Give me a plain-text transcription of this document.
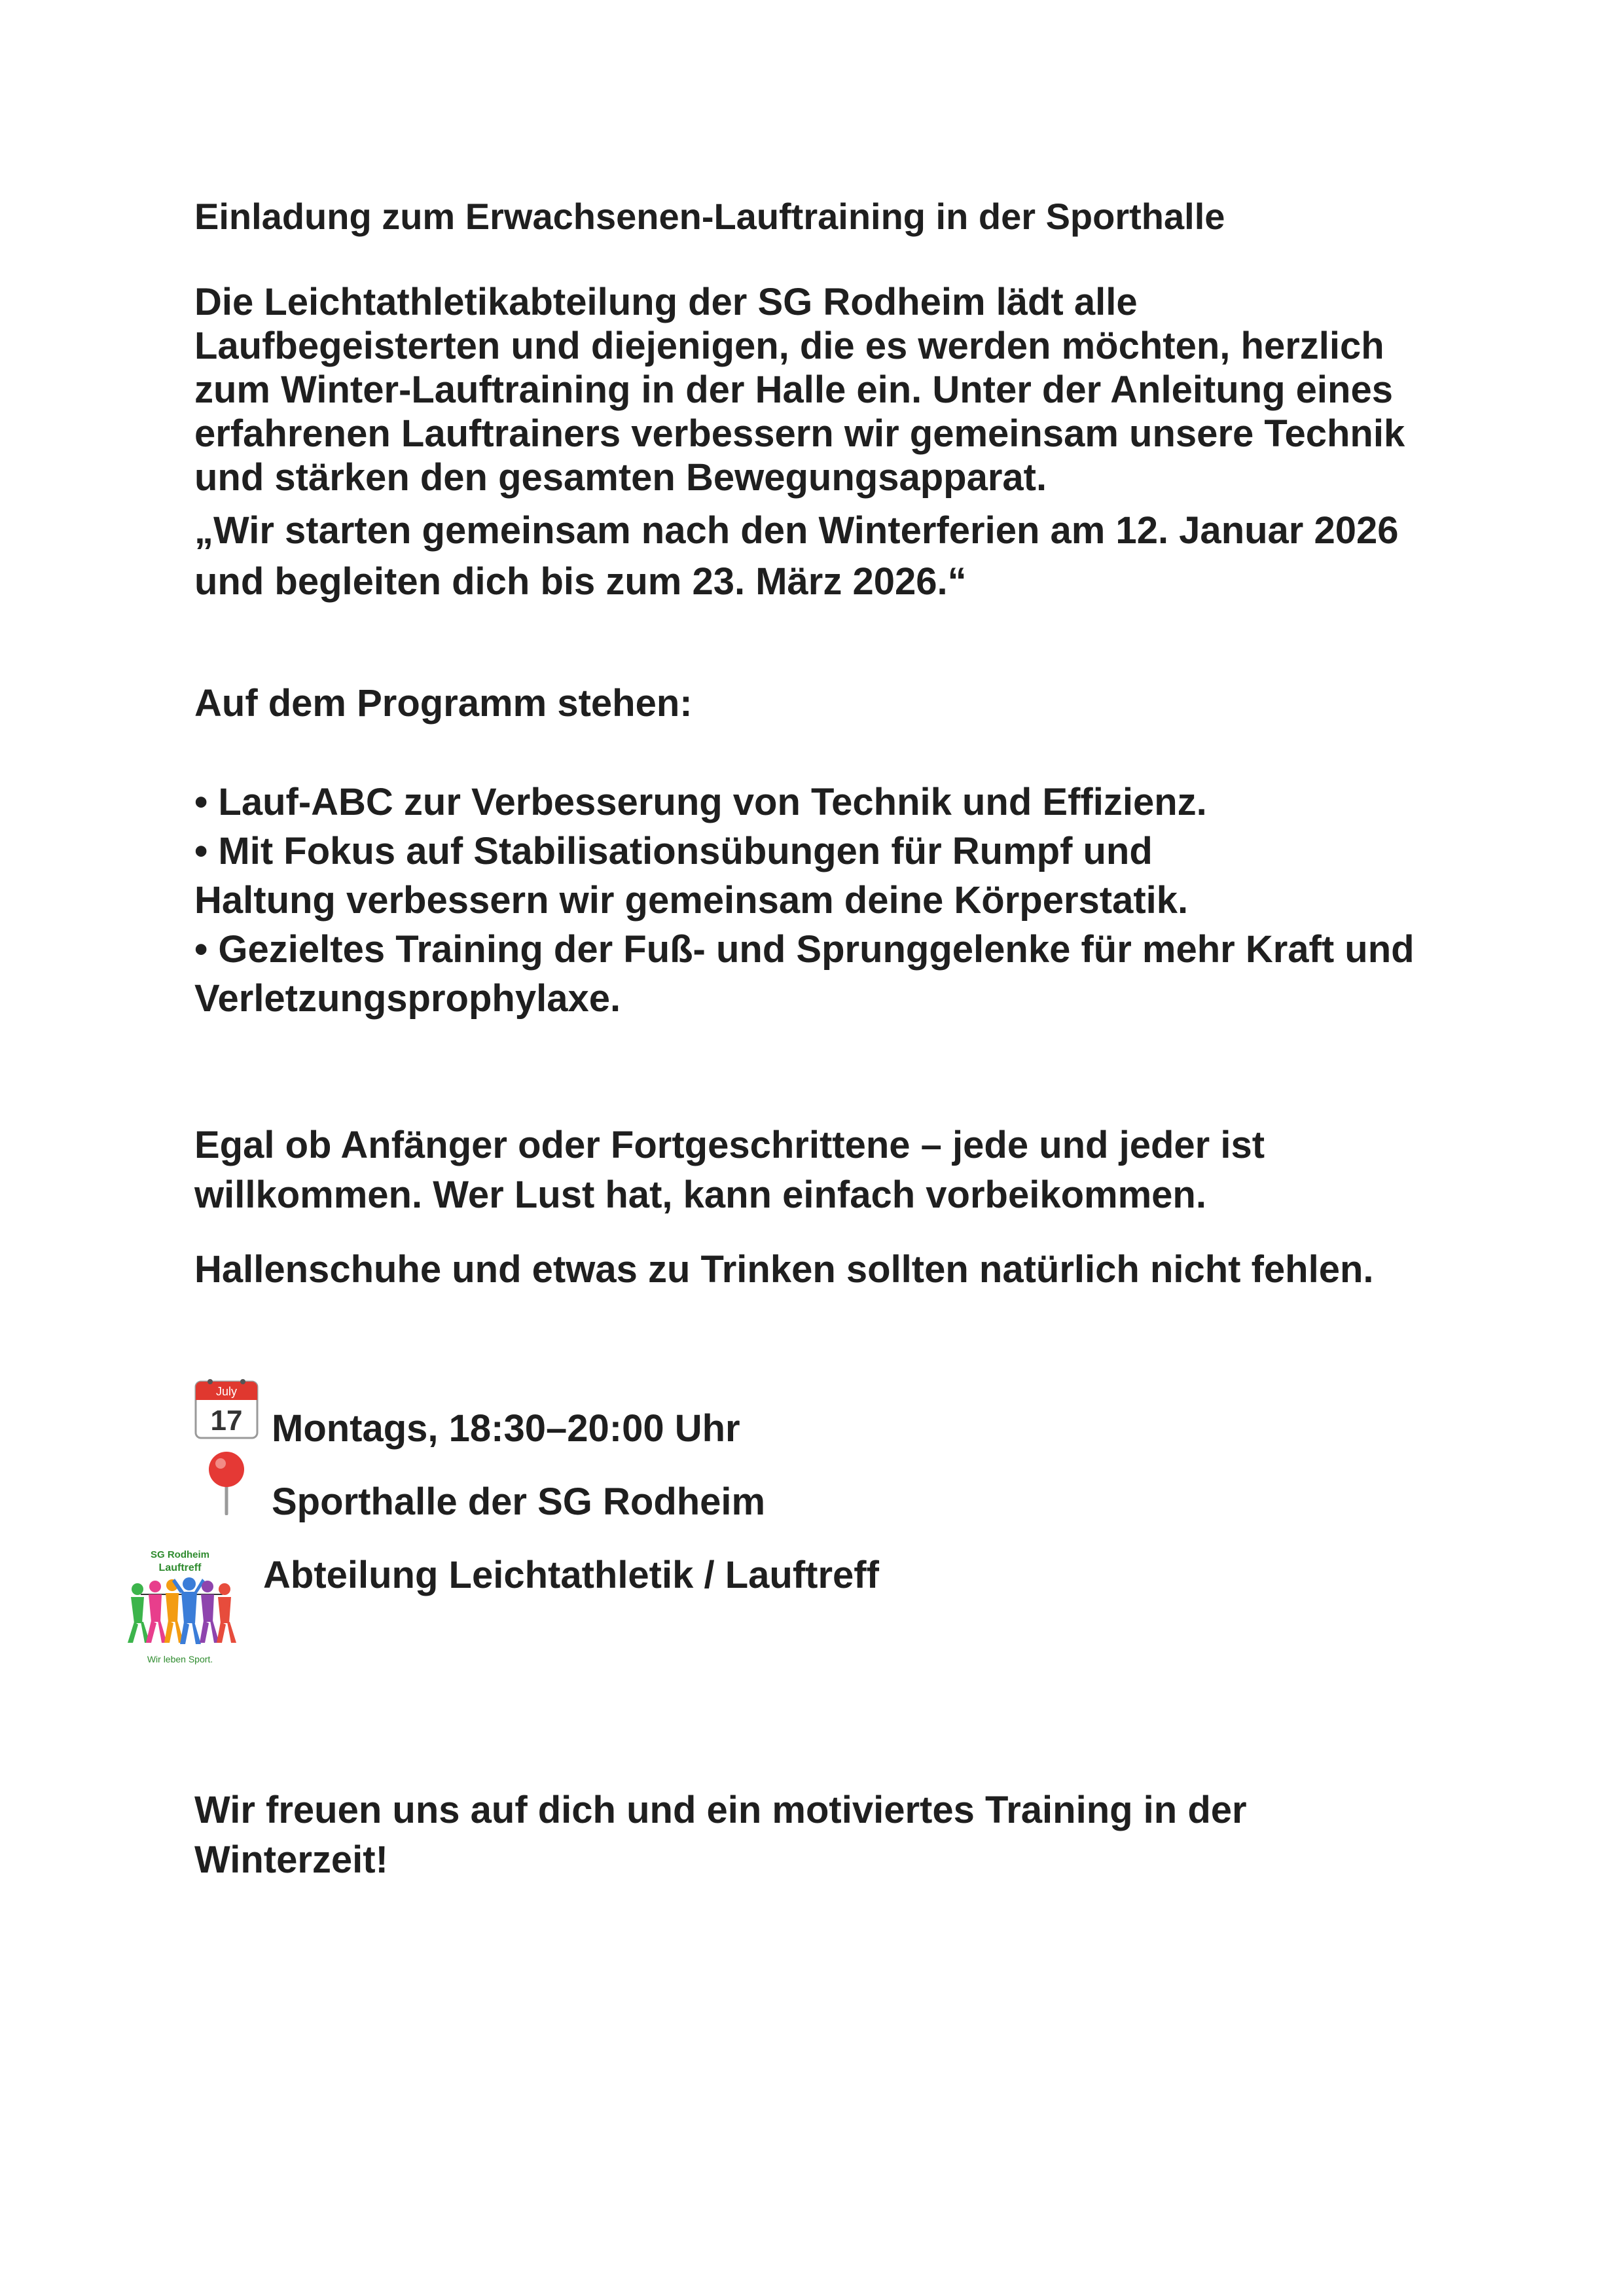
Einladung zum Erwachsenen-Lauftraining in der Sporthalle
Die Leichtathletikabteilung der SG Rodheim lädt alle
Laufbegeisterten und diejenigen, die es werden möchten, herzlich
zum Winter-Lauftraining in der Halle ein. Unter der Anleitung eines
erfahrenen Lauftrainers verbessern wir gemeinsam unsere Technik
und stärken den gesamten Bewegungsapparat.
„Wir starten gemeinsam nach den Winterferien am 12. Januar 2026
und begleiten dich bis zum 23. März 2026.“
Auf dem Programm stehen:
• Lauf-ABC zur Verbesserung von Technik und Effizienz.
• Mit Fokus auf Stabilisationsübungen für Rumpf und
Haltung verbessern wir gemeinsam deine Körperstatik.
• Gezieltes Training der Fuß- und Sprunggelenke für mehr Kraft und
Verletzungsprophylaxe.
Egal ob Anfänger oder Fortgeschrittene – jede und jeder ist
willkommen. Wer Lust hat, kann einfach vorbeikommen.
Hallenschuhe und etwas zu Trinken sollten natürlich nicht fehlen.
July
17 Montags, 18:30–20:00 Uhr
Sporthalle der SG Rodheim
SG Rodheim
Lauftreff
Wir leben Sport.
Abteilung Leichtathletik / Lauftreff
Wir freuen uns auf dich und ein motiviertes Training in der
Winterzeit!
